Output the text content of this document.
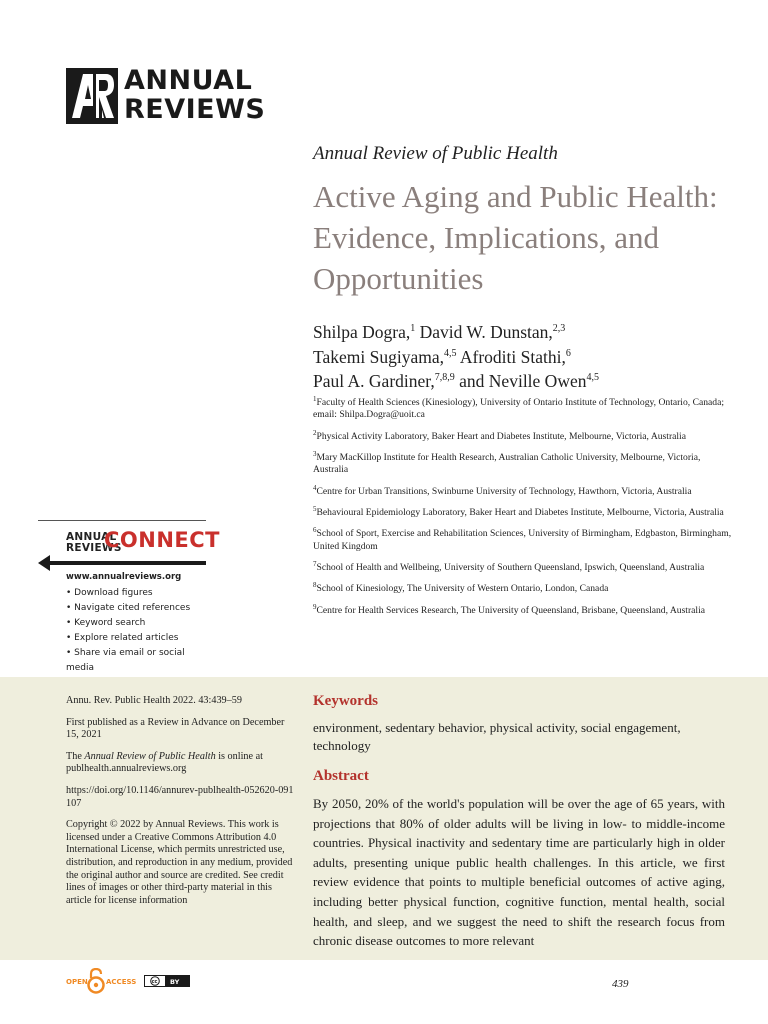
ANNUAL
REVIEWS
Annual Review of Public Health
Active Aging and Public Health: Evidence, Implications, and Opportunities
Shilpa Dogra,$^1$ David W. Dunstan,$^{2,3}$
Takemi Sugiyama,$^{4,5}$ Afroditi Stathi,$^6$
Paul A. Gardiner,$^{7,8,9}$ and Neville Owen$^{4,5}$
$^1$Faculty of Health Sciences (Kinesiology), University of Ontario Institute of Technology, Ontario, Canada; email: Shilpa.Dogra@uoit.ca
$^2$Physical Activity Laboratory, Baker Heart and Diabetes Institute, Melbourne, Victoria, Australia
$^3$Mary MacKillop Institute for Health Research, Australian Catholic University, Melbourne, Victoria, Australia
$^4$Centre for Urban Transitions, Swinburne University of Technology, Hawthorn, Victoria, Australia
$^5$Behavioural Epidemiology Laboratory, Baker Heart and Diabetes Institute, Melbourne, Victoria, Australia
$^6$School of Sport, Exercise and Rehabilitation Sciences, University of Birmingham, Edgbaston, Birmingham, United Kingdom
$^7$School of Health and Wellbeing, University of Southern Queensland, Ipswich, Queensland, Australia
$^8$School of Kinesiology, The University of Western Ontario, London, Canada
$^9$Centre for Health Services Research, The University of Queensland, Brisbane, Queensland, Australia
ANNUAL
REVIEWS
CONNECT
www.annualreviews.org
• Download figures
• Navigate cited references
• Keyword search
• Explore related articles
• Share via email or social media

Annu. Rev. Public Health 2022. 43:439–59

First published as a Review in Advance on December 15, 2021

The Annual Review of Public Health is online at publhealth.annualreviews.org

https://doi.org/10.1146/annurev-publhealth-052620-091107

Copyright © 2022 by Annual Reviews. This work is licensed under a Creative Commons Attribution 4.0 International License, which permits unrestricted use, distribution, and reproduction in any medium, provided the original author and source are credited. See credit lines of images or other third-party material in this article for license information

Keywords
environment, sedentary behavior, physical activity, social engagement, technology
Abstract
By 2050, 20% of the world's population will be over the age of 65 years, with projections that 80% of older adults will be living in low- to middle-income countries. Physical inactivity and sedentary time are particularly high in older adults, presenting unique public health challenges. In this article, we first review evidence that points to multiple beneficial outcomes of active aging, including better physical function, cognitive function, mental health, social health, and sleep, and we suggest the need to shift the research focus from chronic disease outcomes to more relevant
OPEN	ACCESS	cc BY	439
